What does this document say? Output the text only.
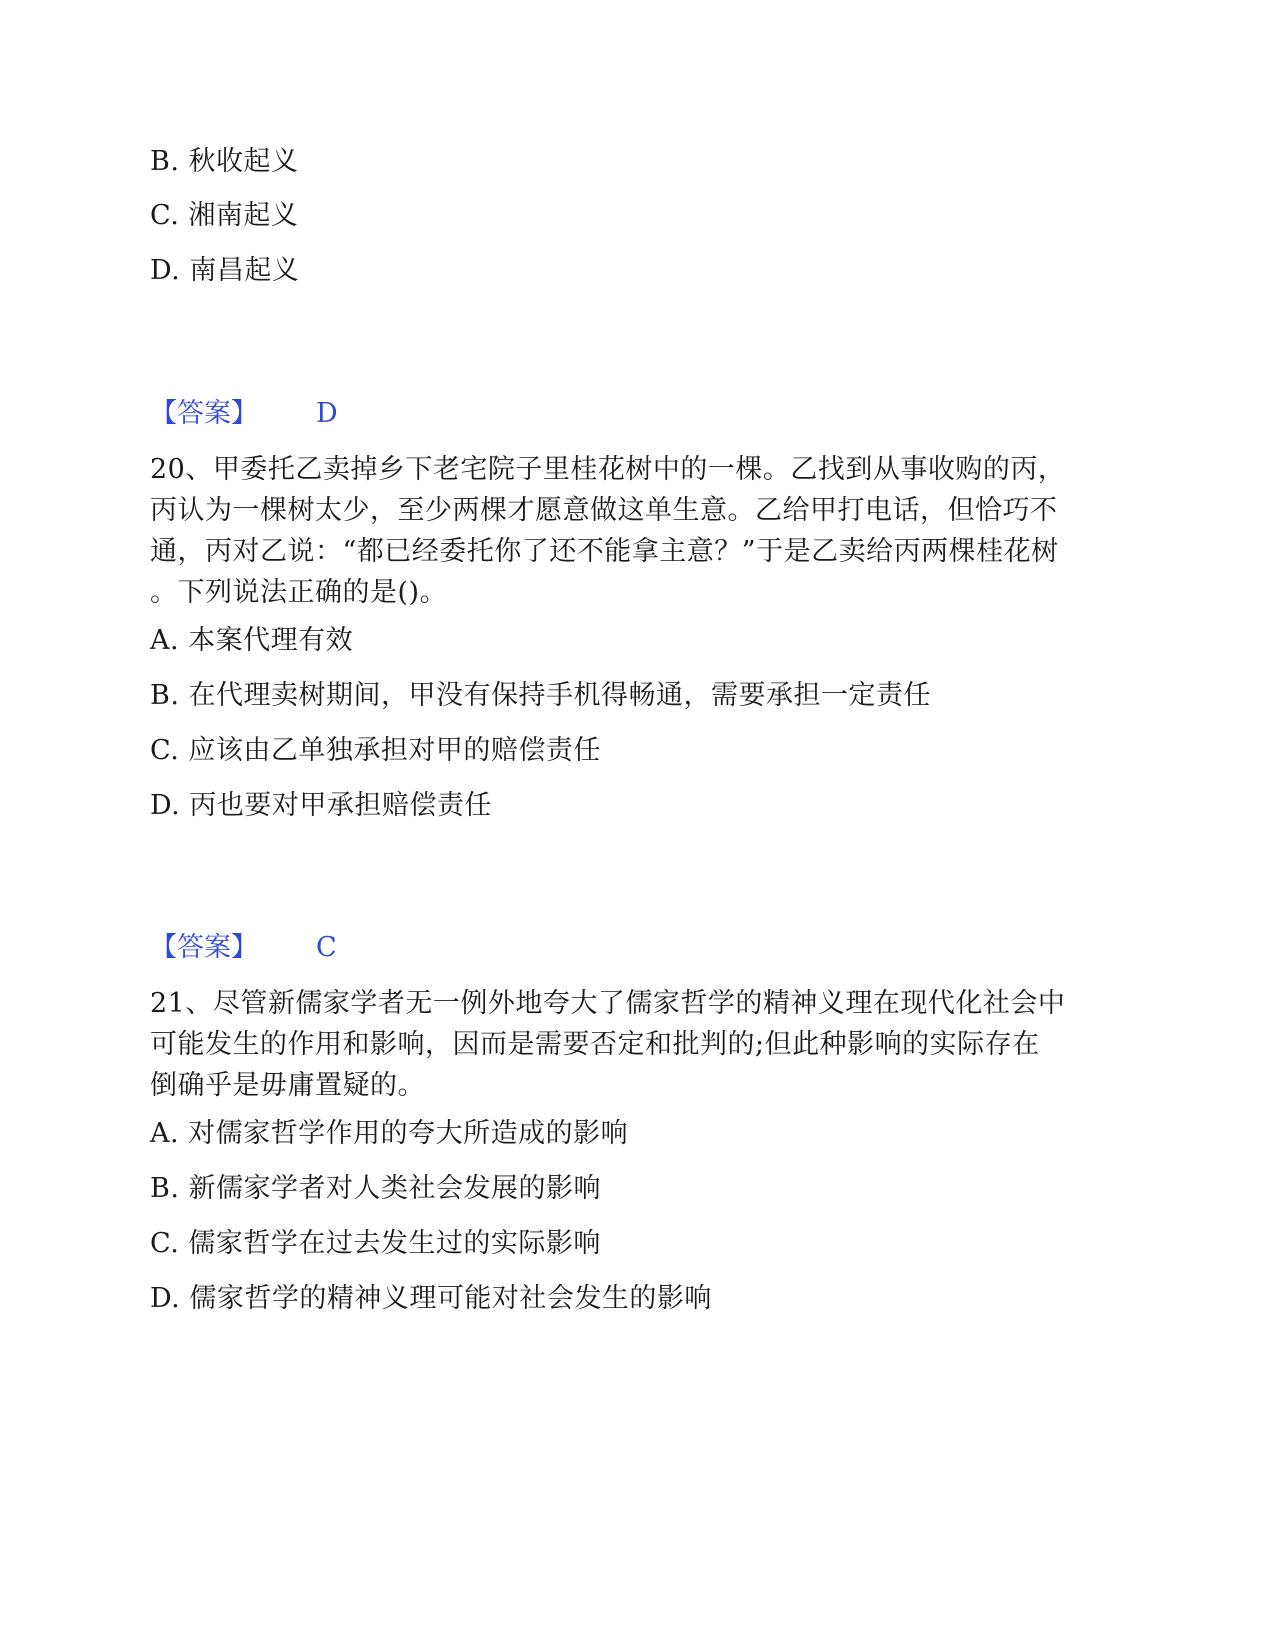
B. 秋收起义
C. 湘南起义
D. 南昌起义
【答案】 D
20、甲委托乙卖掉乡下老宅院子里桂花树中的一棵。乙找到从事收购的丙，
丙认为一棵树太少，至少两棵才愿意做这单生意。乙给甲打电话，但恰巧不
通，丙对乙说：“都已经委托你了还不能拿主意？”于是乙卖给丙两棵桂花树
。下列说法正确的是()。
A. 本案代理有效
B. 在代理卖树期间，甲没有保持手机得畅通，需要承担一定责任
C. 应该由乙单独承担对甲的赔偿责任
D. 丙也要对甲承担赔偿责任
【答案】 C
21、尽管新儒家学者无一例外地夸大了儒家哲学的精神义理在现代化社会中
可能发生的作用和影响，因而是需要否定和批判的;但此种影响的实际存在
倒确乎是毋庸置疑的。
A. 对儒家哲学作用的夸大所造成的影响
B. 新儒家学者对人类社会发展的影响
C. 儒家哲学在过去发生过的实际影响
D. 儒家哲学的精神义理可能对社会发生的影响
